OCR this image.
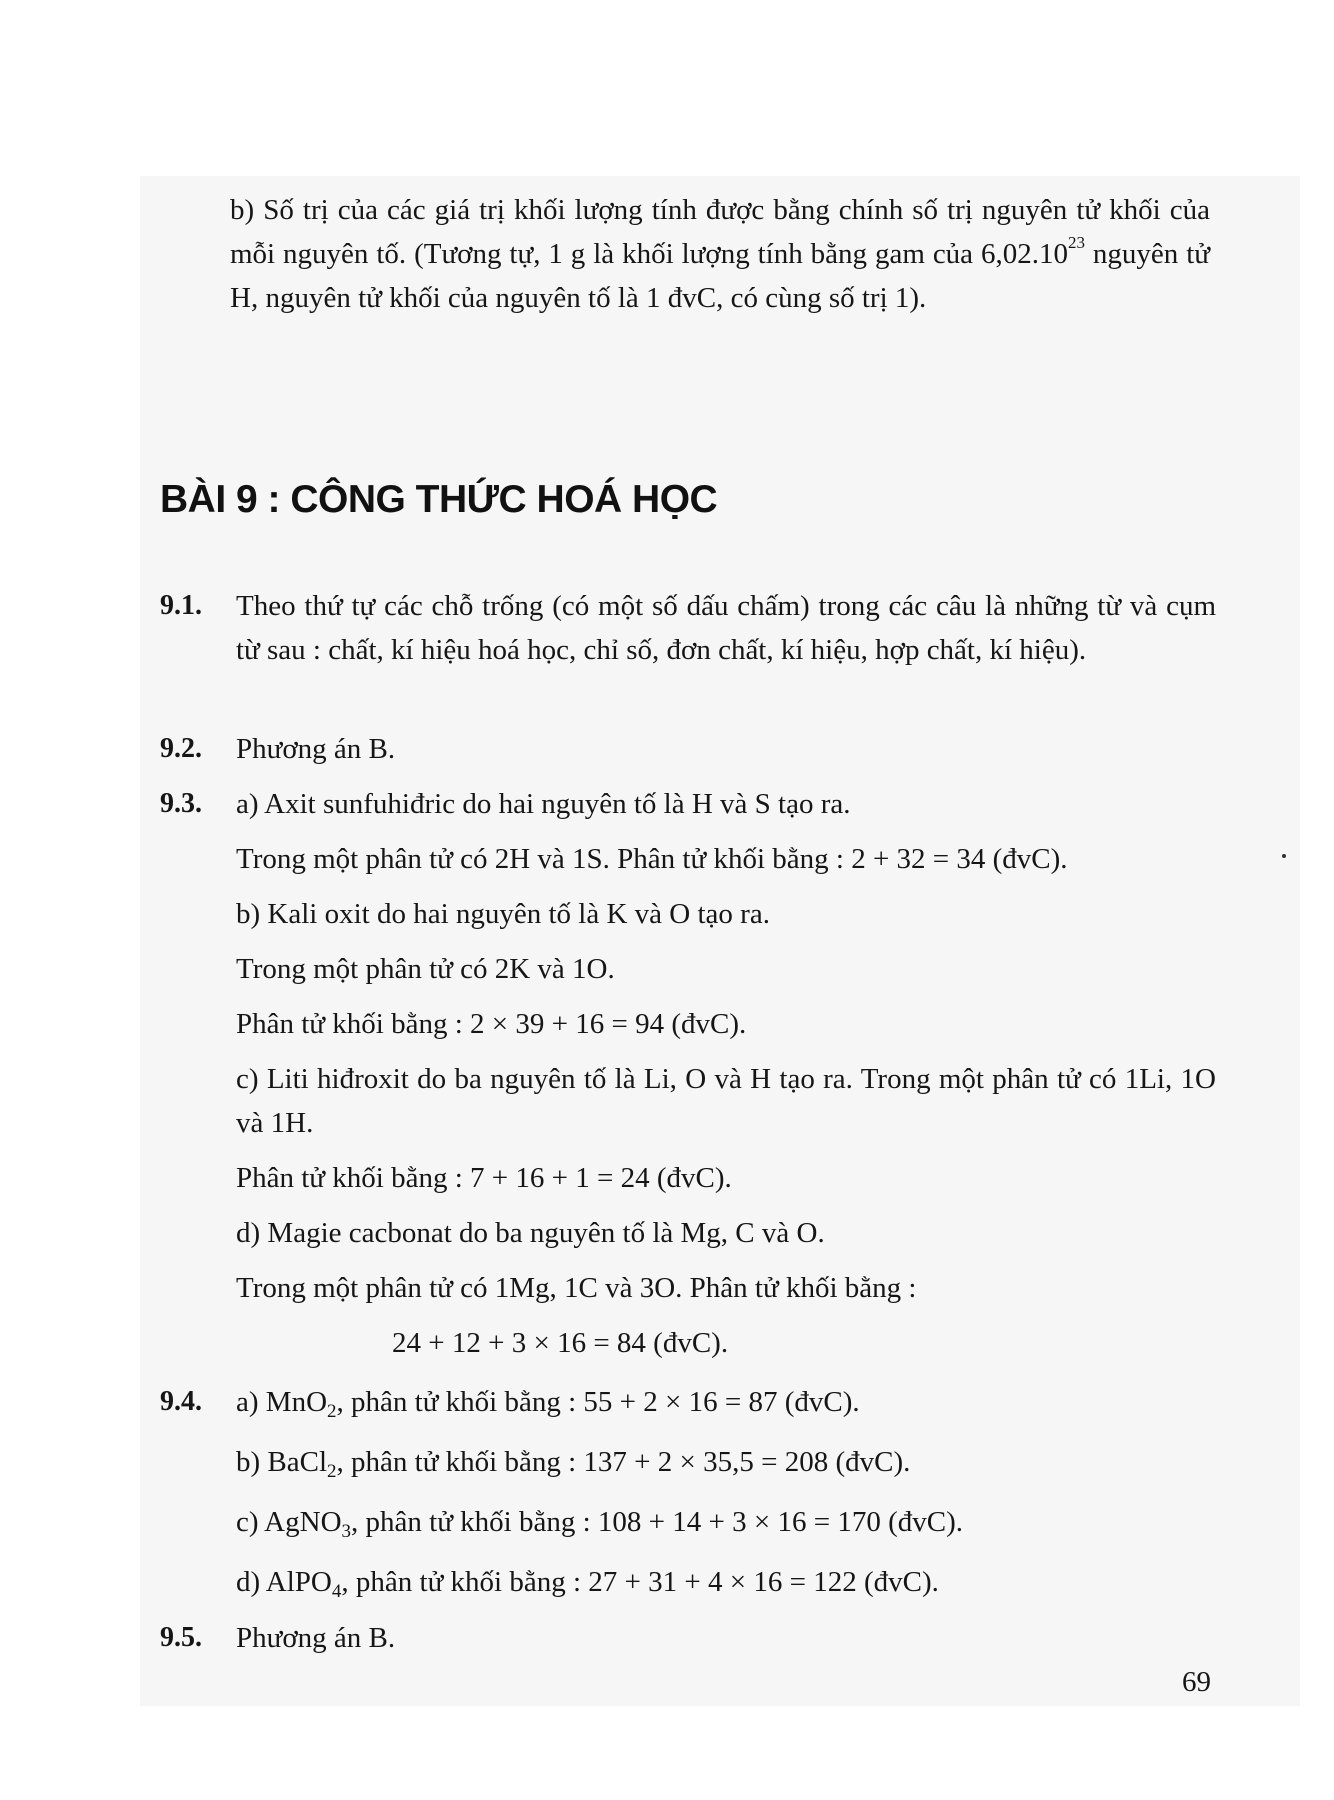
b) Số trị của các giá trị khối lượng tính được bằng chính số trị nguyên tử khối của mỗi nguyên tố. (Tương tự, 1 g là khối lượng tính bằng gam của 6,02.10$^{23}$ nguyên tử H, nguyên tử khối của nguyên tố là 1 đvC, có cùng số trị 1).
BÀI 9 : CÔNG THỨC HOÁ HỌC
9.1.	Theo thứ tự các chỗ trống (có một số dấu chấm) trong các câu là những từ và cụm từ sau : chất, kí hiệu hoá học, chỉ số, đơn chất, kí hiệu, hợp chất, kí hiệu).
9.2.	Phương án B.
9.3.	a) Axit sunfuhiđric do hai nguyên tố là H và S tạo ra.
Trong một phân tử có 2H và 1S. Phân tử khối bằng : 2 + 32 = 34 (đvC).
b) Kali oxit do hai nguyên tố là K và O tạo ra.
Trong một phân tử có 2K và 1O.
Phân tử khối bằng : 2 × 39 + 16 = 94 (đvC).
c) Liti hiđroxit do ba nguyên tố là Li, O và H tạo ra. Trong một phân tử có 1Li, 1O và 1H.
Phân tử khối bằng : 7 + 16 + 1 = 24 (đvC).
d) Magie cacbonat do ba nguyên tố là Mg, C và O.
Trong một phân tử có 1Mg, 1C và 3O. Phân tử khối bằng :
24 + 12 + 3 × 16 = 84 (đvC).
9.4.	a) MnO$_2$, phân tử khối bằng : 55 + 2 × 16 = 87 (đvC).
b) BaCl$_2$, phân tử khối bằng : 137 + 2 × 35,5 = 208 (đvC).
c) AgNO$_3$, phân tử khối bằng : 108 + 14 + 3 × 16 = 170 (đvC).
d) AlPO$_4$, phân tử khối bằng : 27 + 31 + 4 × 16 = 122 (đvC).
9.5.	Phương án B.
69
